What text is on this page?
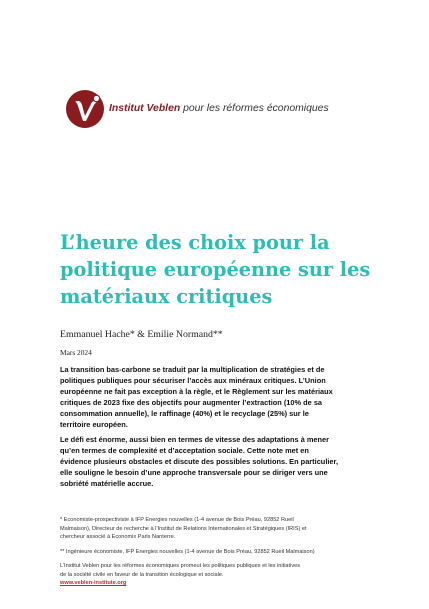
Institut Veblen pour les réformes économiques
L’heure des choix pour la
politique européenne sur les
matériaux critiques
Emmanuel Hache* & Emilie Normand**
Mars 2024

La transition bas-carbone se traduit par la multiplication de stratégies et de
politiques publiques pour sécuriser l’accès aux minéraux critiques. L’Union
européenne ne fait pas exception à la règle, et le Règlement sur les matériaux
critiques de 2023 fixe des objectifs pour augmenter l’extraction (10% de sa
consommation annuelle), le raffinage (40%) et le recyclage (25%) sur le
territoire européen.

Le défi est énorme, aussi bien en termes de vitesse des adaptations à mener
qu’en termes de complexité et d’acceptation sociale. Cette note met en
évidence plusieurs obstacles et discute des possibles solutions. En particulier,
elle souligne le besoin d’une approche transversale pour se diriger vers une
sobriété matérielle accrue.

* Economiste-prospectiviste à IFP Energies nouvelles (1-4 avenue de Bois Préau, 92852 Rueil
Malmaison), Directeur de recherche à l’Institut de Relations Internationales et Stratégiques (IRIS) et
chercheur associé à Economix Paris Nanterre.

** Ingénieure économiste, IFP Energies nouvelles (1-4 avenue de Bois Préau, 92852 Rueil Malmaison)

L’Institut Veblen pour les réformes économiques promeut les politiques publiques et les initiatives
de la société civile en faveur de la transition écologique et sociale.
www.veblen-institute.org
